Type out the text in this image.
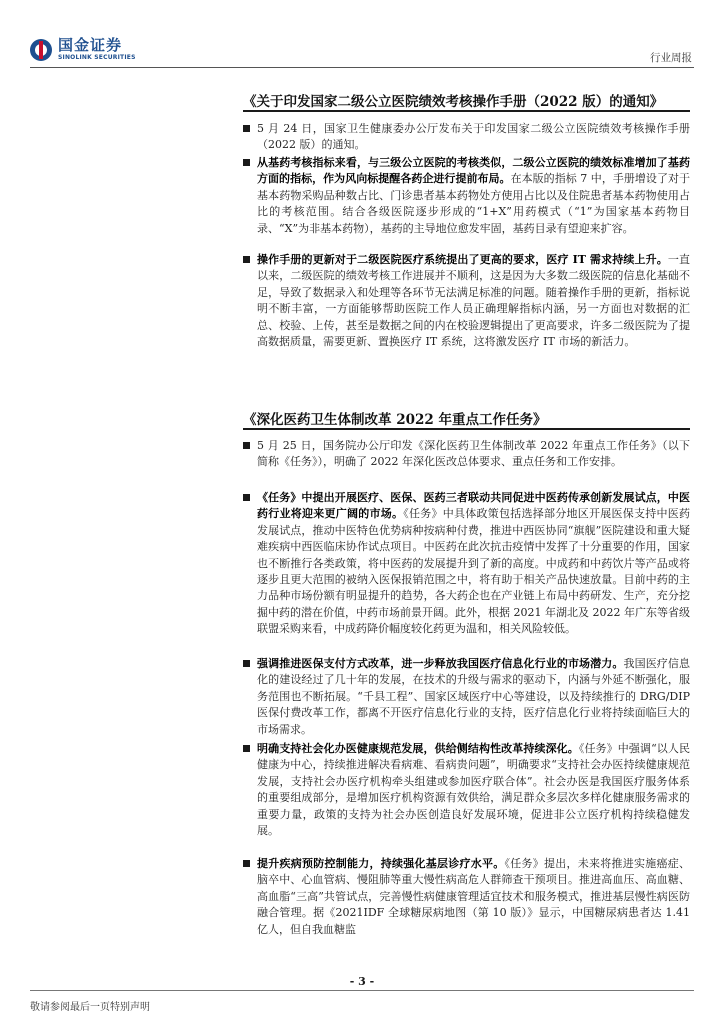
国金证券
SINOLINK SECURITIES	行业周报
《关于印发国家二级公立医院绩效考核操作手册（2022 版）的通知》
5 月 24 日，国家卫生健康委办公厅发布关于印发国家二级公立医院绩效考核操作手册（2022 版）的通知。
从基药考核指标来看，与三级公立医院的考核类似，二级公立医院的绩效标准增加了基药方面的指标，作为风向标提醒各药企进行提前布局。在本版的指标 7 中，手册增设了对于基本药物采购品种数占比、门诊患者基本药物处方使用占比以及住院患者基本药物使用占比的考核范围。结合各级医院逐步形成的“1+X”用药模式（“1”为国家基本药物目录、“X”为非基本药物），基药的主导地位愈发牢固，基药目录有望迎来扩容。
操作手册的更新对于二级医院医疗系统提出了更高的要求，医疗 IT 需求持续上升。一直以来，二级医院的绩效考核工作进展并不顺利，这是因为大多数二级医院的信息化基础不足，导致了数据录入和处理等各环节无法满足标准的问题。随着操作手册的更新，指标说明不断丰富，一方面能够帮助医院工作人员正确理解指标内涵，另一方面也对数据的汇总、校验、上传，甚至是数据之间的内在校验逻辑提出了更高要求，许多二级医院为了提高数据质量，需要更新、置换医疗 IT 系统，这将激发医疗 IT 市场的新活力。
《深化医药卫生体制改革 2022 年重点工作任务》
5 月 25 日，国务院办公厅印发《深化医药卫生体制改革 2022 年重点工作任务》（以下简称《任务》），明确了 2022 年深化医改总体要求、重点任务和工作安排。
《任务》中提出开展医疗、医保、医药三者联动共同促进中医药传承创新发展试点，中医药行业将迎来更广阔的市场。《任务》中具体政策包括选择部分地区开展医保支持中医药发展试点，推动中医特色优势病种按病种付费，推进中西医协同“旗舰”医院建设和重大疑难疾病中西医临床协作试点项目。中医药在此次抗击疫情中发挥了十分重要的作用，国家也不断推行各类政策，将中医药的发展提升到了新的高度。中成药和中药饮片等产品或将逐步且更大范围的被纳入医保报销范围之中，将有助于相关产品快速放量。目前中药的主力品种市场份额有明显提升的趋势，各大药企也在产业链上布局中药研发、生产，充分挖掘中药的潜在价值，中药市场前景开阔。此外，根据 2021 年湖北及 2022 年广东等省级联盟采购来看，中成药降价幅度较化药更为温和，相关风险较低。
强调推进医保支付方式改革，进一步释放我国医疗信息化行业的市场潜力。我国医疗信息化的建设经过了几十年的发展，在技术的升级与需求的驱动下，内涵与外延不断强化，服务范围也不断拓展。“千县工程”、国家区域医疗中心等建设，以及持续推行的 DRG/DIP 医保付费改革工作，都离不开医疗信息化行业的支持，医疗信息化行业将持续面临巨大的市场需求。
明确支持社会化办医健康规范发展，供给侧结构性改革持续深化。《任务》中强调“以人民健康为中心，持续推进解决看病难、看病贵问题”，明确要求“支持社会办医持续健康规范发展，支持社会办医疗机构牵头组建或参加医疗联合体”。社会办医是我国医疗服务体系的重要组成部分，是增加医疗机构资源有效供给，满足群众多层次多样化健康服务需求的重要力量，政策的支持为社会办医创造良好发展环境，促进非公立医疗机构持续稳健发展。
提升疾病预防控制能力，持续强化基层诊疗水平。《任务》提出，未来将推进实施癌症、脑卒中、心血管病、慢阻肺等重大慢性病高危人群筛查干预项目。推进高血压、高血糖、高血脂“三高”共管试点，完善慢性病健康管理适宜技术和服务模式，推进基层慢性病医防融合管理。据《2021IDF 全球糖尿病地图（第 10 版）》显示，中国糖尿病患者达 1.41 亿人，但自我血糖监
- 3 -
敬请参阅最后一页特别声明
